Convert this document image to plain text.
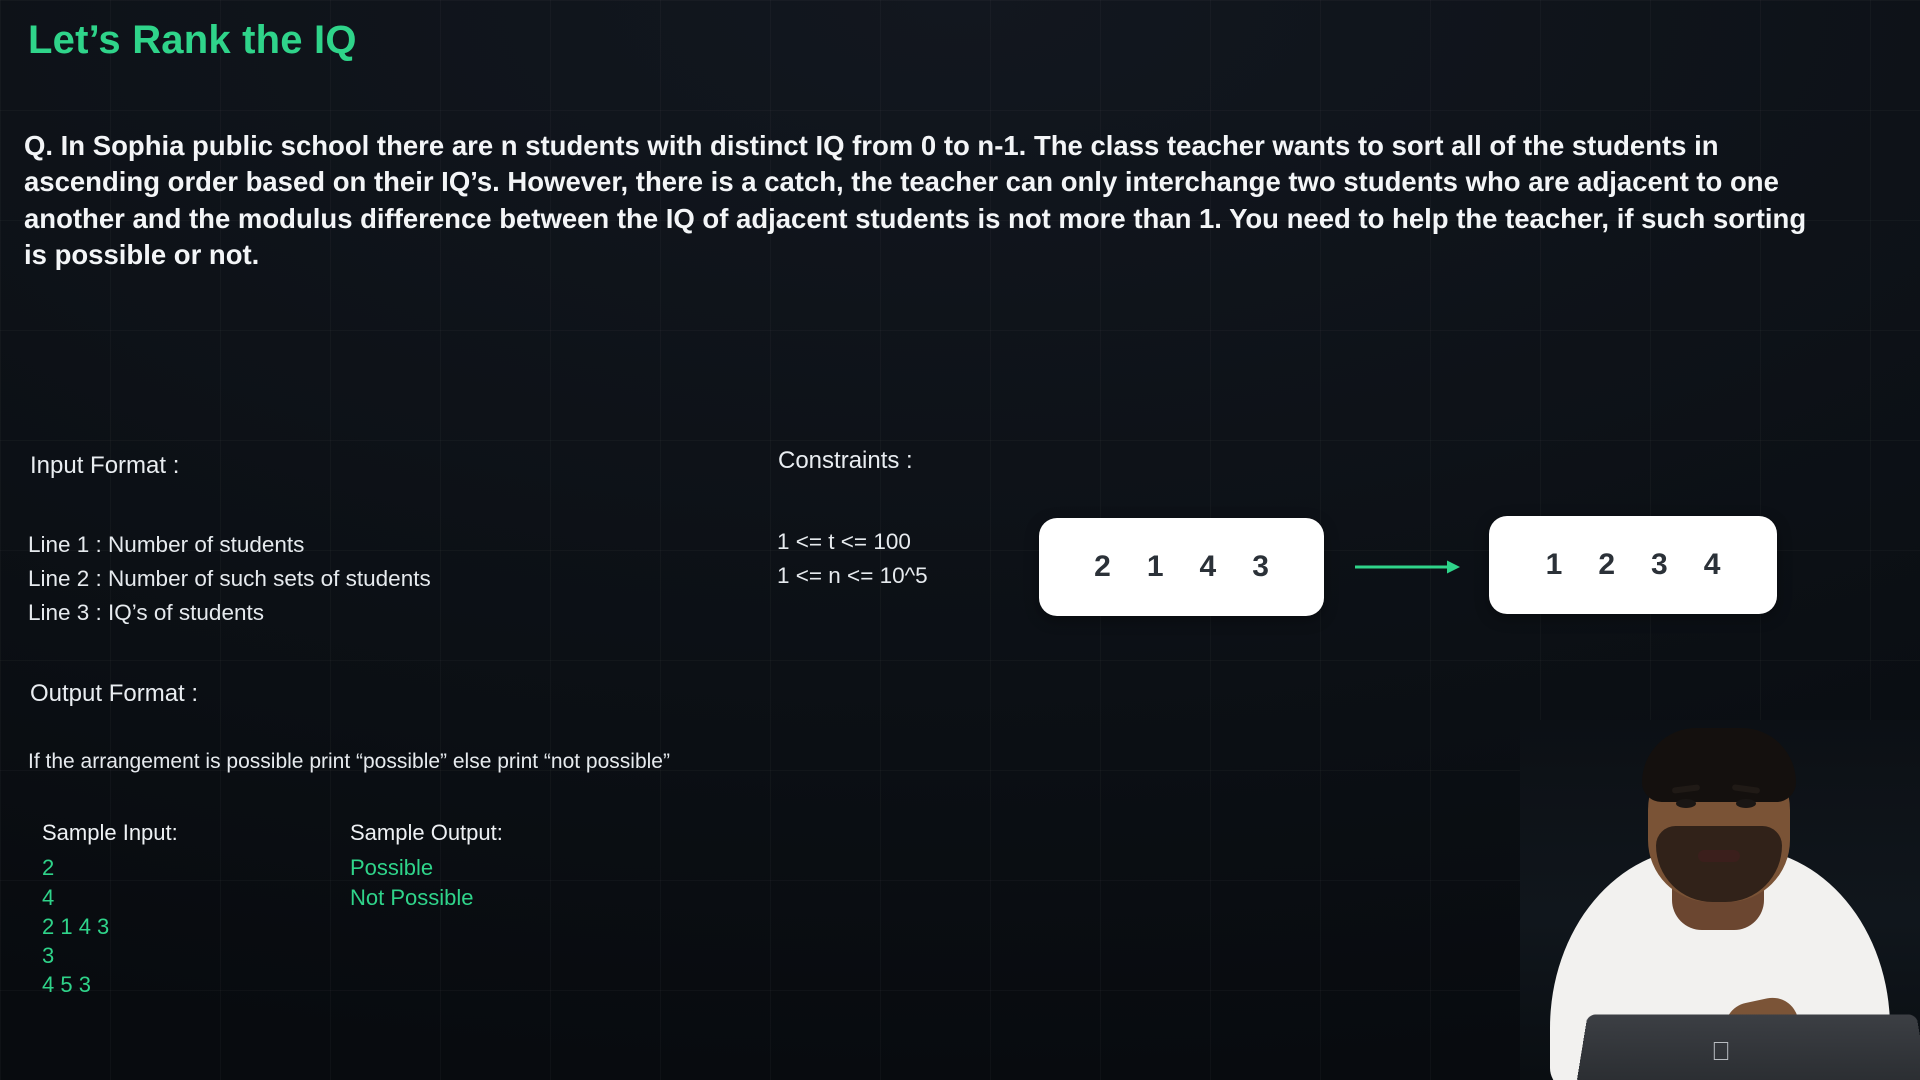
Let’s Rank the IQ
Q. In Sophia public school there are n students with distinct IQ from 0 to n-1. The class teacher wants to sort all of the students in ascending order based on their IQ’s. However, there is a catch, the teacher can only interchange two students who are adjacent to one another and the modulus difference between the IQ of adjacent students is not more than 1. You need to help the teacher, if such sorting is possible or not.
Input Format :
Line 1 : Number of students
Line 2 : Number of such sets of students
Line 3 : IQ’s of students
Output Format :
If the arrangement is possible print “possible” else print “not possible”
Constraints :
1 <= t <= 100
1 <= n <= 10^5
Sample Input:
2
4
2 1 4 3
3
4 5 3
Sample Output:
Possible
Not Possible
2 1 4 3	1 2 3 4
